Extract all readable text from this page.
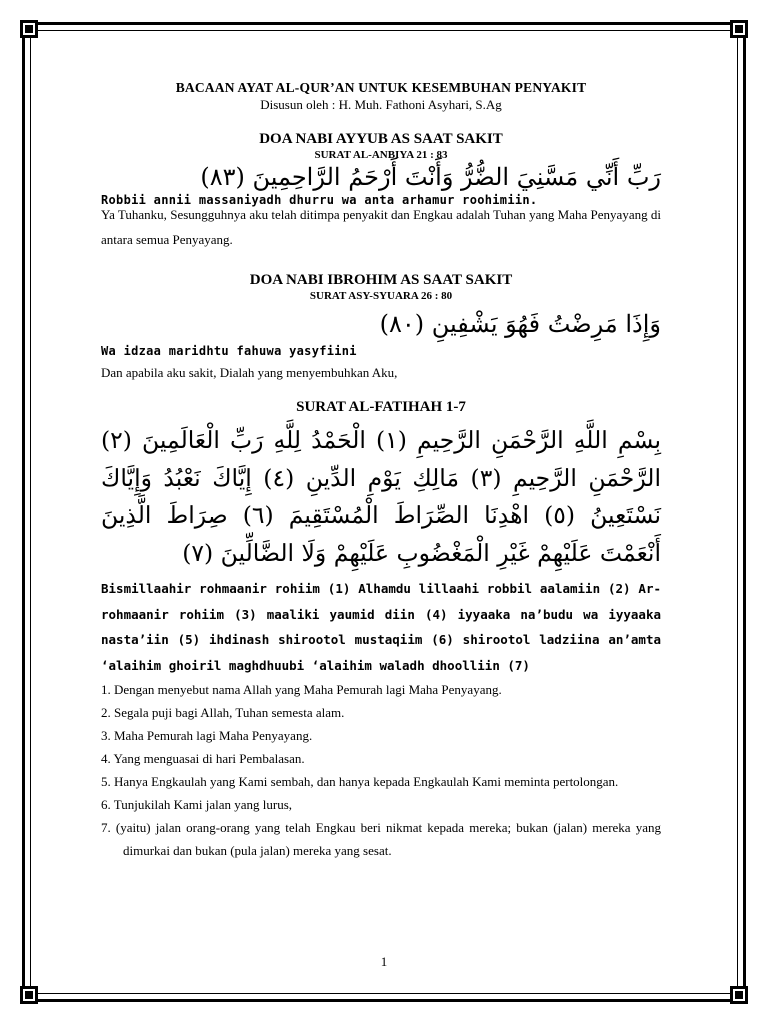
BACAAN AYAT AL-QUR’AN UNTUK KESEMBUHAN PENYAKIT
Disusun oleh : H. Muh. Fathoni Asyhari, S.Ag
DOA NABI AYYUB AS SAAT SAKIT
SURAT AL-ANBIYA 21 : 83
رَبِّ أَنِّي مَسَّنِيَ الضُّرُّ وَأَنْتَ أَرْحَمُ الرَّاحِمِينَ (٨٣)
Robbii annii massaniyadh dhurru wa anta arhamur roohimiin.
Ya Tuhanku, Sesungguhnya aku telah ditimpa penyakit dan Engkau adalah Tuhan yang Maha Penyayang di antara semua Penyayang.
DOA NABI IBROHIM AS SAAT SAKIT
SURAT ASY-SYUARA 26 : 80
وَإِذَا مَرِضْتُ فَهُوَ يَشْفِينِ (٨٠)
Wa idzaa maridhtu fahuwa yasyfiini
Dan apabila aku sakit, Dialah yang menyembuhkan Aku,
SURAT AL-FATIHAH 1-7
بِسْمِ اللَّهِ الرَّحْمَنِ الرَّحِيمِ (١) الْحَمْدُ لِلَّهِ رَبِّ الْعَالَمِينَ (٢) الرَّحْمَنِ الرَّحِيمِ (٣) مَالِكِ يَوْمِ الدِّينِ (٤) إِيَّاكَ نَعْبُدُ وَإِيَّاكَ نَسْتَعِينُ (٥) اهْدِنَا الصِّرَاطَ الْمُسْتَقِيمَ (٦) صِرَاطَ الَّذِينَ أَنْعَمْتَ عَلَيْهِمْ غَيْرِ الْمَغْضُوبِ عَلَيْهِمْ وَلَا الضَّالِّينَ (٧)
Bismillaahir rohmaanir rohiim (1) Alhamdu lillaahi robbil aalamiin (2) Ar-rohmaanir rohiim (3) maaliki yaumid diin (4) iyyaaka na’budu wa iyyaaka nasta’iin (5) ihdinash shirootol mustaqiim (6) shirootol ladziina an’amta ‘alaihim ghoiril maghdhuubi ‘alaihim waladh dhoolliin (7)
1. Dengan menyebut nama Allah yang Maha Pemurah lagi Maha Penyayang.
2. Segala puji bagi Allah, Tuhan semesta alam.
3. Maha Pemurah lagi Maha Penyayang.
4. Yang menguasai di hari Pembalasan.
5. Hanya Engkaulah yang Kami sembah, dan hanya kepada Engkaulah Kami meminta pertolongan.
6. Tunjukilah Kami jalan yang lurus,
7. (yaitu) jalan orang-orang yang telah Engkau beri nikmat kepada mereka; bukan (jalan) mereka yang dimurkai dan bukan (pula jalan) mereka yang sesat.
1
